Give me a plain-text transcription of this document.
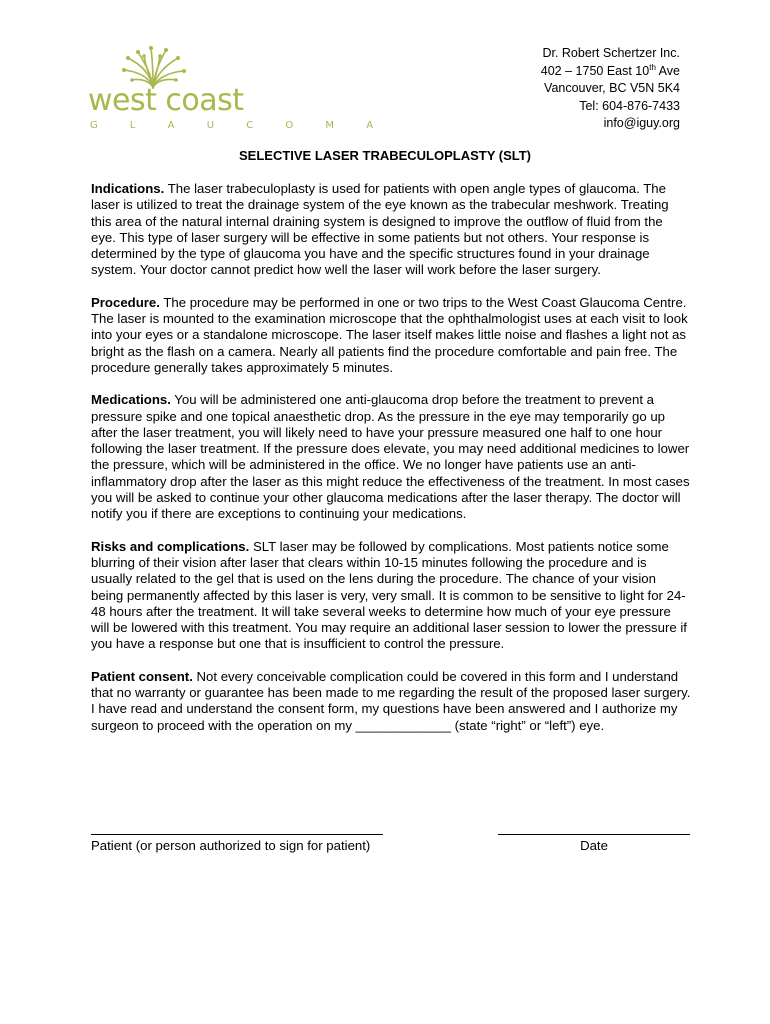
west coast
G L A U C O M A
Dr. Robert Schertzer Inc.
402 – 1750 East 10th Ave
Vancouver, BC V5N 5K4
Tel: 604-876-7433
info@iguy.org
SELECTIVE LASER TRABECULOPLASTY (SLT)

Indications. The laser trabeculoplasty is used for patients with open angle types of glaucoma. The laser is utilized to treat the drainage system of the eye known as the trabecular meshwork. Treating this area of the natural internal draining system is designed to improve the outflow of fluid from the eye. This type of laser surgery will be effective in some patients but not others. Your response is determined by the type of glaucoma you have and the specific structures found in your drainage system. Your doctor cannot predict how well the laser will work before the laser surgery.

Procedure. The procedure may be performed in one or two trips to the West Coast Glaucoma Centre. The laser is mounted to the examination microscope that the ophthalmologist uses at each visit to look into your eyes or a standalone microscope. The laser itself makes little noise and flashes a light not as bright as the flash on a camera. Nearly all patients find the procedure comfortable and pain free. The procedure generally takes approximately 5 minutes.

Medications. You will be administered one anti-glaucoma drop before the treatment to prevent a pressure spike and one topical anaesthetic drop. As the pressure in the eye may temporarily go up after the laser treatment, you will likely need to have your pressure measured one half to one hour following the laser treatment. If the pressure does elevate, you may need additional medicines to lower the pressure, which will be administered in the office. We no longer have patients use an anti-inflammatory drop after the laser as this might reduce the effectiveness of the treatment. In most cases you will be asked to continue your other glaucoma medications after the laser therapy. The doctor will notify you if there are exceptions to continuing your medications.

Risks and complications. SLT laser may be followed by complications. Most patients notice some blurring of their vision after laser that clears within 10-15 minutes following the procedure and is usually related to the gel that is used on the lens during the procedure. The chance of your vision being permanently affected by this laser is very, very small. It is common to be sensitive to light for 24-48 hours after the treatment. It will take several weeks to determine how much of your eye pressure will be lowered with this treatment. You may require an additional laser session to lower the pressure if you have a response but one that is insufficient to control the pressure.

Patient consent. Not every conceivable complication could be covered in this form and I understand that no warranty or guarantee has been made to me regarding the result of the proposed laser surgery. I have read and understand the consent form, my questions have been answered and I authorize my surgeon to proceed with the operation on my _____________ (state “right” or “left”) eye.

Patient (or person authorized to sign for patient)	Date
